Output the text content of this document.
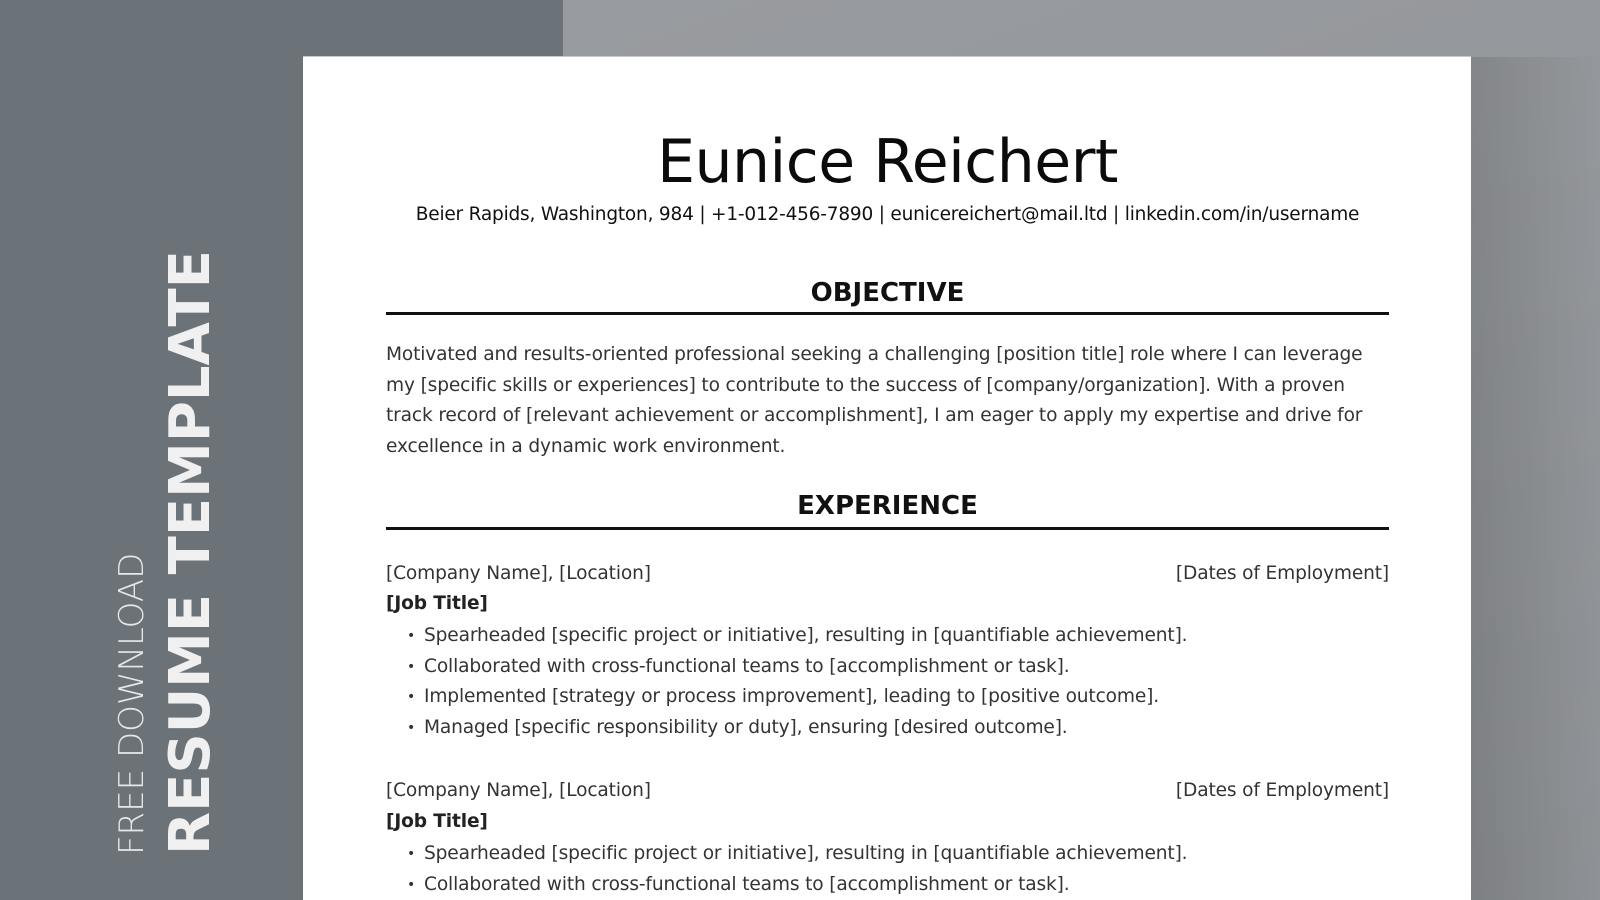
FREE DOWNLOAD RESUME TEMPLATE
Eunice Reichert
Beier Rapids, Washington, 984 | +1-012-456-7890 | eunicereichert@mail.ltd | linkedin.com/in/username
OBJECTIVE
Motivated and results-oriented professional seeking a challenging [position title] role where I can leverage
my [specific skills or experiences] to contribute to the success of [company/organization]. With a proven
track record of [relevant achievement or accomplishment], I am eager to apply my expertise and drive for
excellence in a dynamic work environment.
EXPERIENCE
[Company Name], [Location]	[Dates of Employment]
[Job Title]
• Spearheaded [specific project or initiative], resulting in [quantifiable achievement].
• Collaborated with cross-functional teams to [accomplishment or task].
• Implemented [strategy or process improvement], leading to [positive outcome].
• Managed [specific responsibility or duty], ensuring [desired outcome].
[Company Name], [Location]	[Dates of Employment]
[Job Title]
• Spearheaded [specific project or initiative], resulting in [quantifiable achievement].
• Collaborated with cross-functional teams to [accomplishment or task].
